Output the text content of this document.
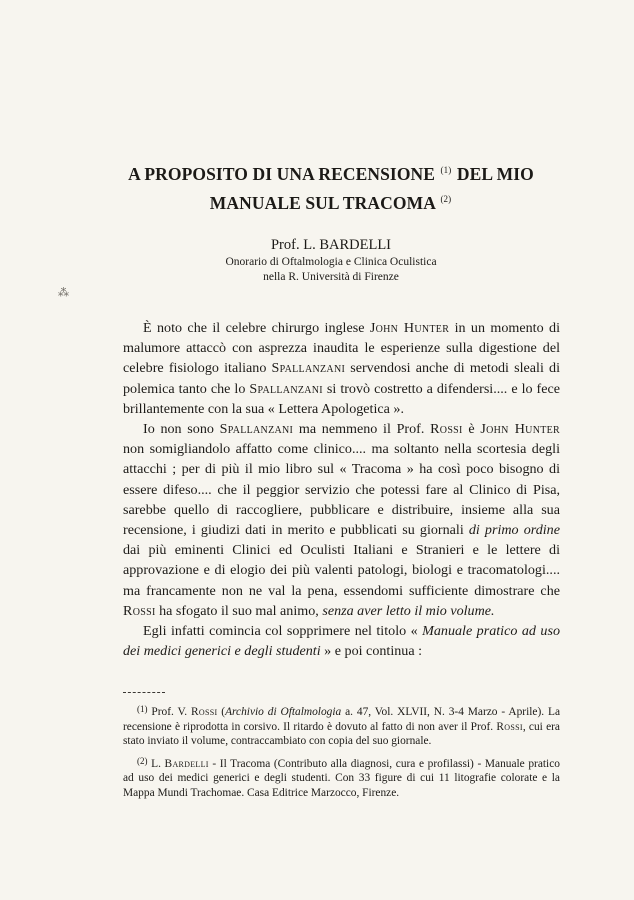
A PROPOSITO DI UNA RECENSIONE $^{(1)}$ DEL MIO
MANUALE SUL TRACOMA $^{(2)}$
Prof. L. BARDELLI
Onorario di Oftalmologia e Clinica Oculistica
nella R. Università di Firenze
⁂

È noto che il celebre chirurgo inglese John Hunter in un momento di malumore attaccò con asprezza inaudita le esperienze sulla digestione del celebre fisiologo italiano Spallanzani servendosi anche di metodi sleali di polemica tanto che lo Spallanzani si trovò costretto a difendersi.... e lo fece brillantemente con la sua « Lettera Apologetica ».

Io non sono Spallanzani ma nemmeno il Prof. Rossi è John Hunter non somigliandolo affatto come clinico.... ma soltanto nella scortesia degli attacchi ; per di più il mio libro sul « Tracoma » ha così poco bisogno di essere difeso.... che il peggior servizio che potessi fare al Clinico di Pisa, sarebbe quello di raccogliere, pubblicare e distribuire, insieme alla sua recensione, i giudizi dati in merito e pubblicati su giornali di primo ordine dai più eminenti Clinici ed Oculisti Italiani e Stranieri e le lettere di approvazione e di elogio dei più valenti patologi, biologi e tracomatologi.... ma francamente non ne val la pena, essendomi sufficiente dimostrare che Rossi ha sfogato il suo mal animo, senza aver letto il mio volume.

Egli infatti comincia col sopprimere nel titolo « Manuale pratico ad uso dei medici generici e degli studenti » e poi continua :

$^{(1)}$ Prof. V. Rossi (Archivio di Oftalmologia a. 47, Vol. XLVII, N. 3-4 Marzo - Aprile). La recensione è riprodotta in corsivo. Il ritardo è dovuto al fatto di non aver il Prof. Rossi, cui era stato inviato il volume, contraccambiato con copia del suo giornale.

$^{(2)}$ L. Bardelli - Il Tracoma (Contributo alla diagnosi, cura e profilassi) - Manuale pratico ad uso dei medici generici e degli studenti. Con 33 figure di cui 11 litografie colorate e la Mappa Mundi Trachomae. Casa Editrice Marzocco, Firenze.
